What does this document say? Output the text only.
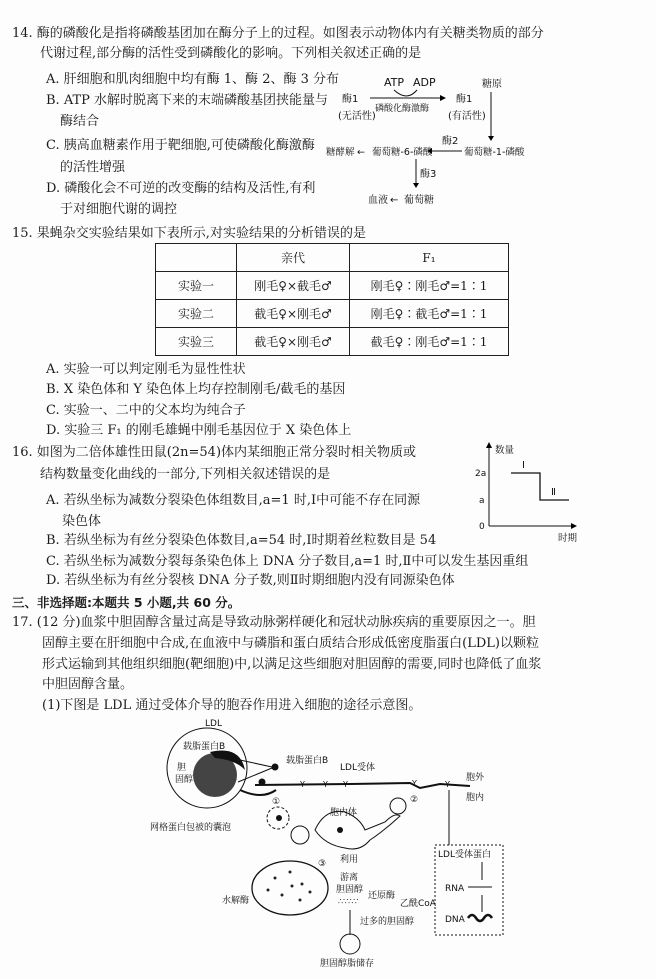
14. 酶的磷酸化是指将磷酸基团加在酶分子上的过程。如图表示动物体内有关糖类物质的部分
代谢过程,部分酶的活性受到磷酸化的影响。下列相关叙述正确的是
A. 肝细胞和肌肉细胞中均有酶 1、酶 2、酶 3 分布
B. ATP 水解时脱离下来的末端磷酸基团挟能量与
酶结合
C. 胰高血糖素作用于靶细胞,可使磷酸化酶激酶
的活性增强
D. 磷酸化会不可逆的改变酶的结构及活性,有利
于对细胞代谢的调控
ATP ADP
酶1
(无活性)
磷酸化酶激酶
酶1
(有活性)
糖原
酶2
葡萄糖-1-磷酸
葡萄糖-6-磷酸
糖酵解 ←
酶3
血液 ← 葡萄糖
15. 果蝇杂交实验结果如下表所示,对实验结果的分析错误的是
	亲代	F₁
实验一	刚毛♀×截毛♂	刚毛♀∶刚毛♂=1∶1
实验二	截毛♀×刚毛♂	刚毛♀∶截毛♂=1∶1
实验三	截毛♀×刚毛♂	截毛♀∶刚毛♂=1∶1
A. 实验一可以判定刚毛为显性性状
B. X 染色体和 Y 染色体上均存控制刚毛/截毛的基因
C. 实验一、二中的父本均为纯合子
D. 实验三 F₁ 的刚毛雄蝇中刚毛基因位于 X 染色体上
16. 如图为二倍体雄性田鼠(2n=54)体内某细胞正常分裂时相关物质或
结构数量变化曲线的一部分,下列相关叙述错误的是
A. 若纵坐标为减数分裂染色体组数目,a=1 时,Ⅰ中可能不存在同源
染色体
B. 若纵坐标为有丝分裂染色体数目,a=54 时,Ⅰ时期着丝粒数目是 54
C. 若纵坐标为减数分裂每条染色体上 DNA 分子数目,a=1 时,Ⅱ中可以发生基因重组
D. 若纵坐标为有丝分裂核 DNA 分子数,则Ⅱ时期细胞内没有同源染色体
数量
2a
a
0
Ⅰ
Ⅱ
时期
三、非选择题:本题共 5 小题,共 60 分。
17. (12 分)血浆中胆固醇含量过高是导致动脉粥样硬化和冠状动脉疾病的重要原因之一。胆
固醇主要在肝细胞中合成,在血液中与磷脂和蛋白质结合形成低密度脂蛋白(LDL)以颗粒
形式运输到其他组织细胞(靶细胞)中,以满足这些细胞对胆固醇的需要,同时也降低了血浆
中胆固醇含量。
(1)下图是 LDL 通过受体介导的胞吞作用进入细胞的途径示意图。
LDL
载脂蛋白B
胆
固醇
载脂蛋白B
LDL受体
Y Y Y	Y	Y
胞外
胞内
①
网格蛋白包被的囊泡
胞内体
②
③
水解酶
利用
游离
胆固醇
∴∵∴∵
还原酶
乙酰CoA
过多的胆固醇
胆固醇脂储存
LDL受体蛋白
RNA
DNA
